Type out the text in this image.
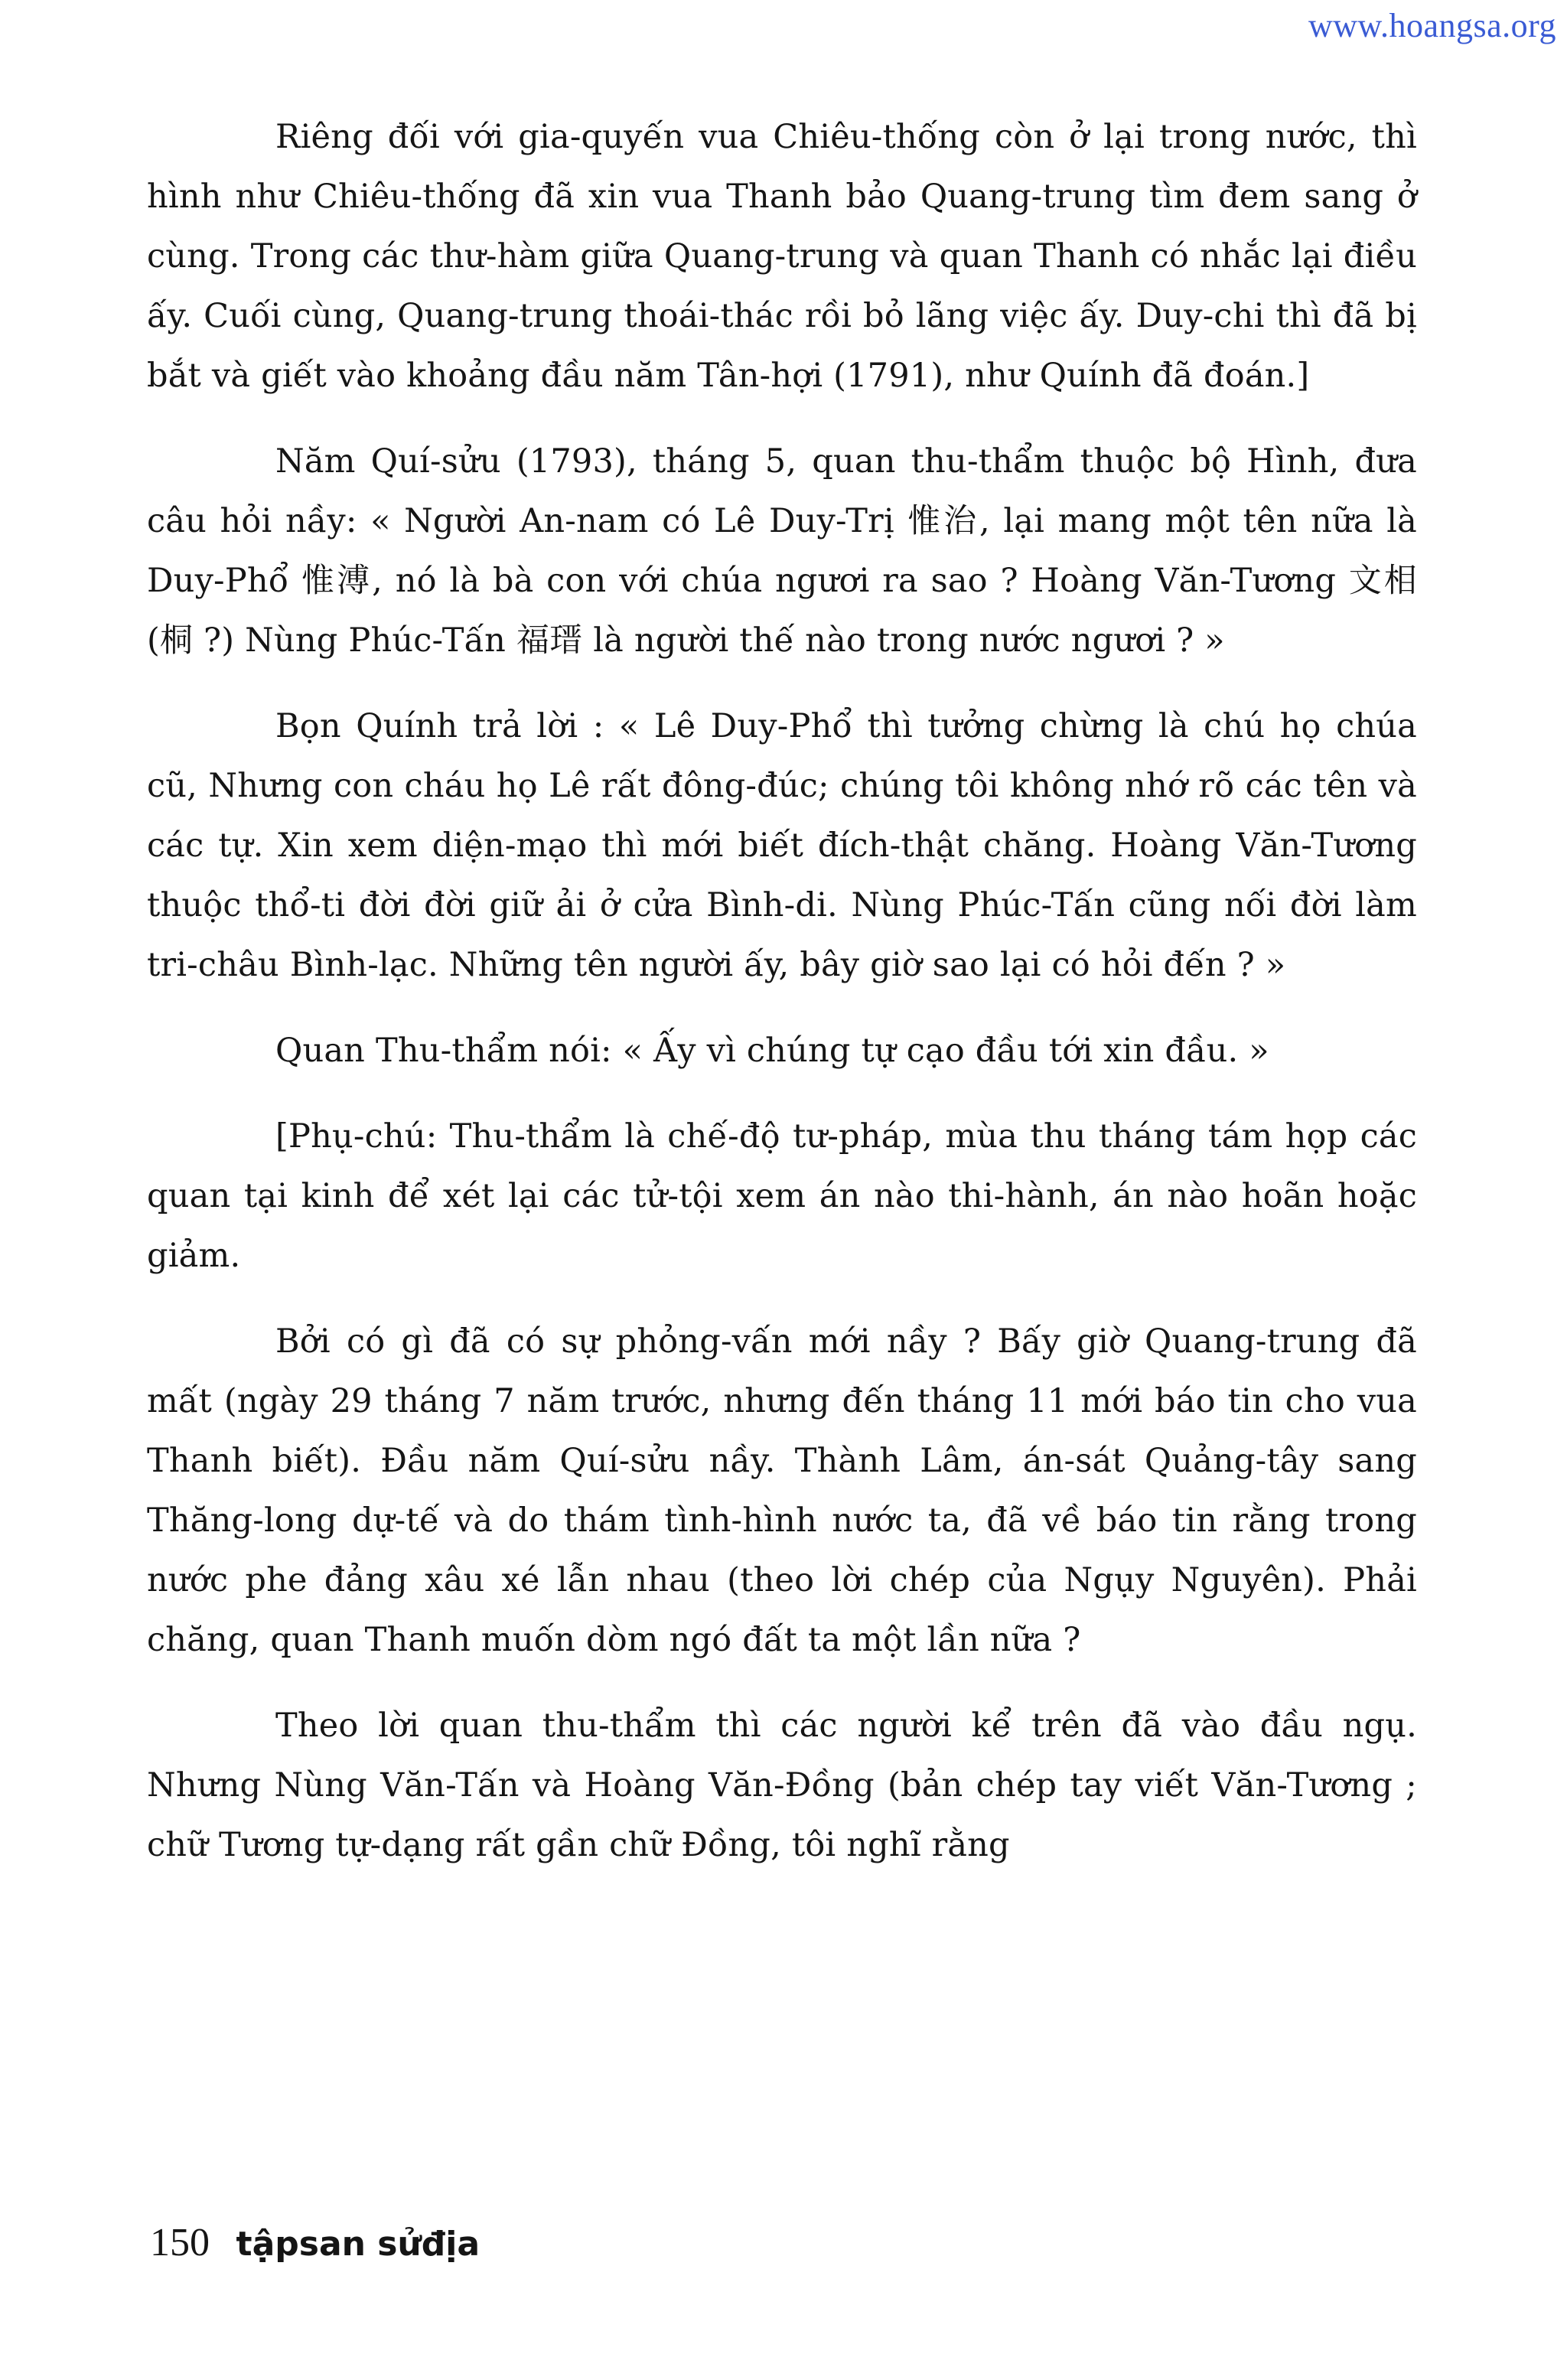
www.hoangsa.org

Riêng đối với gia-quyến vua Chiêu-thống còn ở lại trong nước, thì hình như Chiêu-thống đã xin vua Thanh bảo Quang-trung tìm đem sang ở cùng. Trong các thư-hàm giữa Quang-trung và quan Thanh có nhắc lại điều ấy. Cuối cùng, Quang-trung thoái-thác rồi bỏ lãng việc ấy. Duy-chi thì đã bị bắt và giết vào khoảng đầu năm Tân-hợi (1791), như Quính đã đoán.]

Năm Quí-sửu (1793), tháng 5, quan thu-thẩm thuộc bộ Hình, đưa câu hỏi nầy: « Người An-nam có Lê Duy-Trị 惟治, lại mang một tên nữa là Duy-Phổ 惟溥, nó là bà con với chúa ngươi ra sao ? Hoàng Văn-Tương 文相 (桐 ?) Nùng Phúc-Tấn 福瑨 là người thế nào trong nước ngươi ? »

Bọn Quính trả lời : « Lê Duy-Phổ thì tưởng chừng là chú họ chúa cũ, Nhưng con cháu họ Lê rất đông-đúc; chúng tôi không nhớ rõ các tên và các tự. Xin xem diện-mạo thì mới biết đích-thật chăng. Hoàng Văn-Tương thuộc thổ-ti đời đời giữ ải ở cửa Bình-di. Nùng Phúc-Tấn cũng nối đời làm tri-châu Bình-lạc. Những tên người ấy, bây giờ sao lại có hỏi đến ? »

Quan Thu-thẩm nói: « Ấy vì chúng tự cạo đầu tới xin đầu. »

[Phụ-chú: Thu-thẩm là chế-độ tư-pháp, mùa thu tháng tám họp các quan tại kinh để xét lại các tử-tội xem án nào thi-hành, án nào hoãn hoặc giảm.

Bởi có gì đã có sự phỏng-vấn mới nầy ? Bấy giờ Quang-trung đã mất (ngày 29 tháng 7 năm trước, nhưng đến tháng 11 mới báo tin cho vua Thanh biết). Đầu năm Quí-sửu nầy. Thành Lâm, án-sát Quảng-tây sang Thăng-long dự-tế và do thám tình-hình nước ta, đã về báo tin rằng trong nước phe đảng xâu xé lẫn nhau (theo lời chép của Ngụy Nguyên). Phải chăng, quan Thanh muốn dòm ngó đất ta một lần nữa ?

Theo lời quan thu-thẩm thì các người kể trên đã vào đầu ngụ. Nhưng Nùng Văn-Tấn và Hoàng Văn-Đồng (bản chép tay viết Văn-Tương ; chữ Tương tự-dạng rất gần chữ Đồng, tôi nghĩ rằng

150 tậpsan sửđịa
